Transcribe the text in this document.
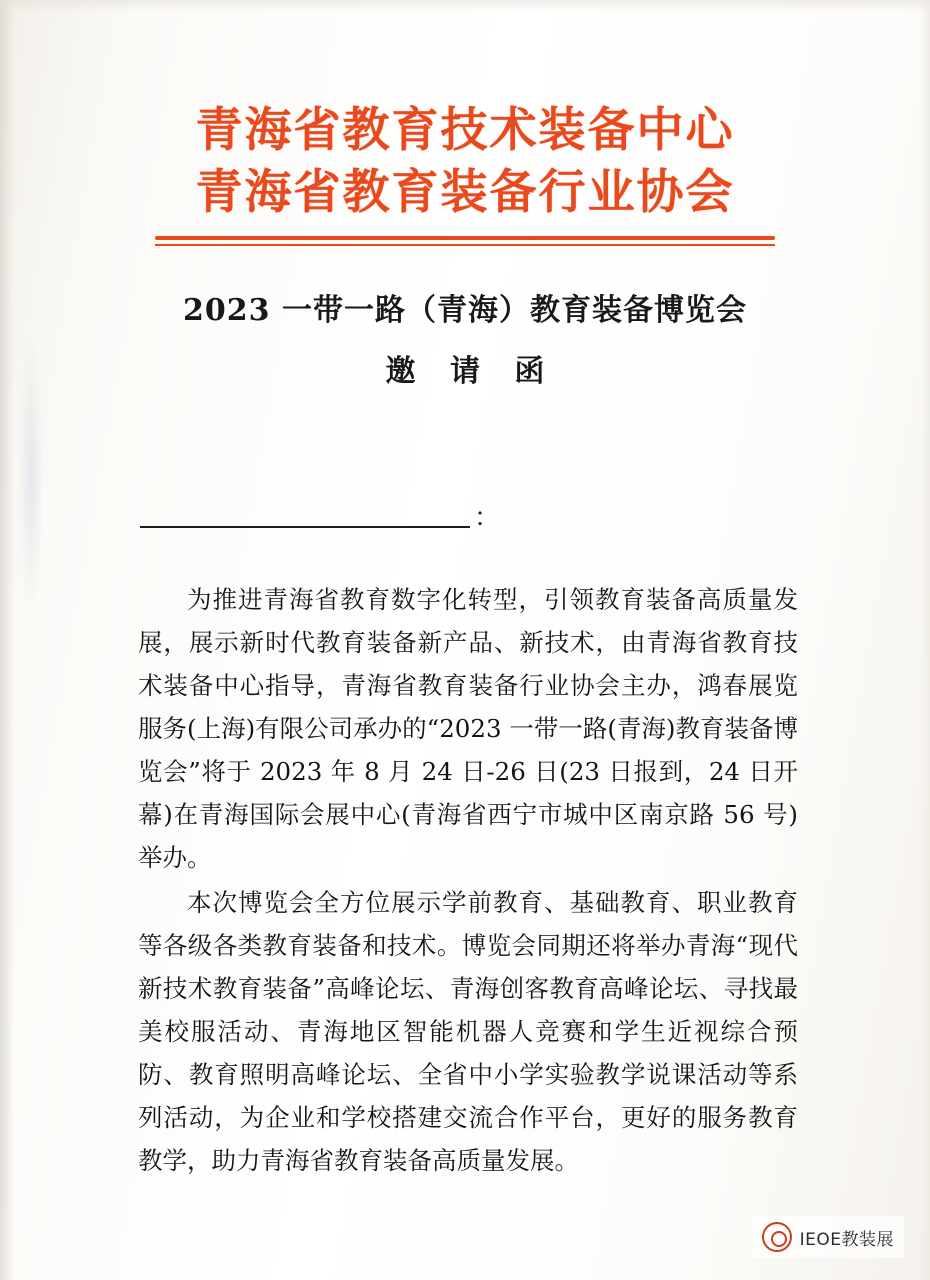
青海省教育技术装备中心
青海省教育装备行业协会
2023 一带一路（青海）教育装备博览会
邀 请 函
：

为推进青海省教育数字化转型，引领教育装备高质量发展，展示新时代教育装备新产品、新技术，由青海省教育技术装备中心指导，青海省教育装备行业协会主办，鸿春展览服务(上海)有限公司承办的“2023 一带一路(青海)教育装备博览会”将于 2023 年 8 月 24 日-26 日(23 日报到，24 日开幕)在青海国际会展中心(青海省西宁市城中区南京路 56 号)举办。

本次博览会全方位展示学前教育、基础教育、职业教育等各级各类教育装备和技术。博览会同期还将举办青海“现代新技术教育装备”高峰论坛、青海创客教育高峰论坛、寻找最美校服活动、青海地区智能机器人竞赛和学生近视综合预防、教育照明高峰论坛、全省中小学实验教学说课活动等系列活动，为企业和学校搭建交流合作平台，更好的服务教育教学，助力青海省教育装备高质量发展。

IEOE教装展
